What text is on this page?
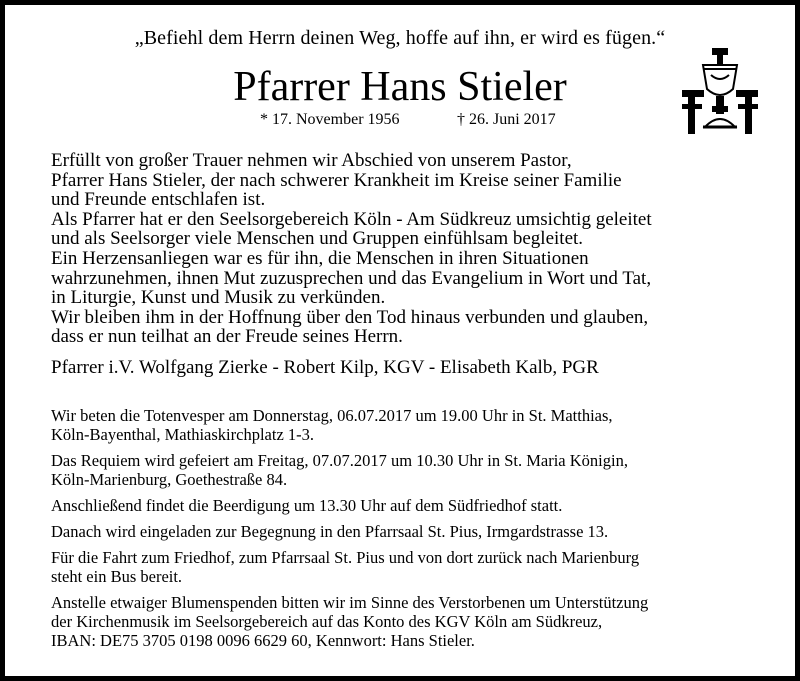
„Befiehl dem Herrn deinen Weg, hoffe auf ihn, er wird es fügen.“
Pfarrer Hans Stieler
* 17. November 1956	† 26. Juni 2017

Erfüllt von großer Trauer nehmen wir Abschied von unserem Pastor,

Pfarrer Hans Stieler, der nach schwerer Krankheit im Kreise seiner Familie

und Freunde entschlafen ist.

Als Pfarrer hat er den Seelsorgebereich Köln - Am Südkreuz umsichtig geleitet

und als Seelsorger viele Menschen und Gruppen einfühlsam begleitet.

Ein Herzensanliegen war es für ihn, die Menschen in ihren Situationen

wahrzunehmen, ihnen Mut zuzusprechen und das Evangelium in Wort und Tat,

in Liturgie, Kunst und Musik zu verkünden.

Wir bleiben ihm in der Hoffnung über den Tod hinaus verbunden und glauben,

dass er nun teilhat an der Freude seines Herrn.

Pfarrer i.V. Wolfgang Zierke - Robert Kilp, KGV - Elisabeth Kalb, PGR

Wir beten die Totenvesper am Donnerstag, 06.07.2017 um 19.00 Uhr in St. Matthias,
Köln-Bayenthal, Mathiaskirchplatz 1-3.

Das Requiem wird gefeiert am Freitag, 07.07.2017 um 10.30 Uhr in St. Maria Königin,
Köln-Marienburg, Goethestraße 84.

Anschließend findet die Beerdigung um 13.30 Uhr auf dem Südfriedhof statt.

Danach wird eingeladen zur Begegnung in den Pfarrsaal St. Pius, Irmgardstrasse 13.

Für die Fahrt zum Friedhof, zum Pfarrsaal St. Pius und von dort zurück nach Marienburg
steht ein Bus bereit.

Anstelle etwaiger Blumenspenden bitten wir im Sinne des Verstorbenen um Unterstützung
der Kirchenmusik im Seelsorgebereich auf das Konto des KGV Köln am Südkreuz,
IBAN: DE75 3705 0198 0096 6629 60, Kennwort: Hans Stieler.
